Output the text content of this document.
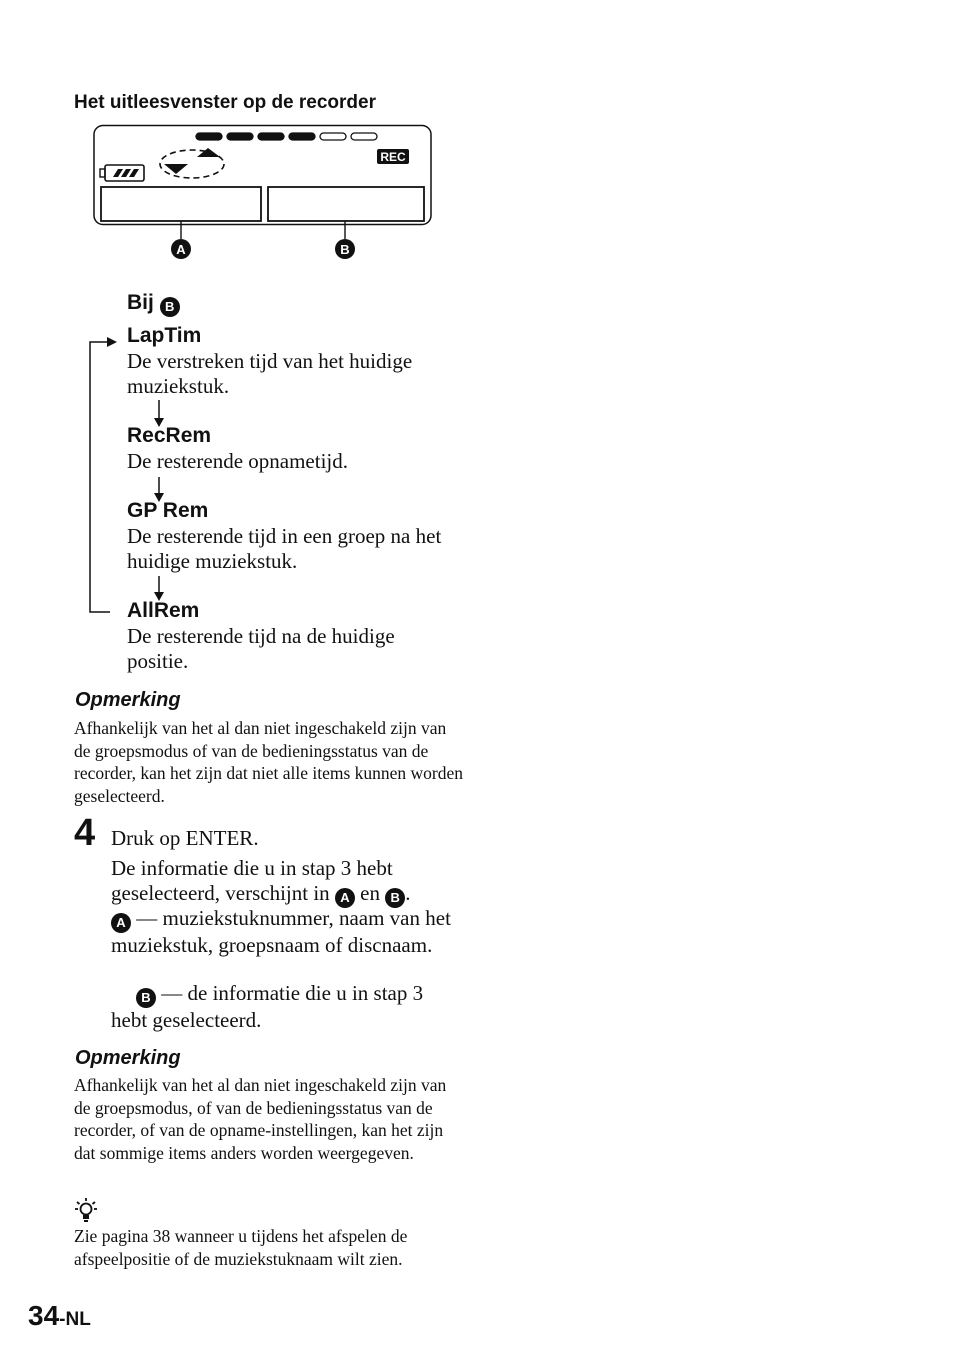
Het uitleesvenster op de recorder
REC
A	B
Bij B
LapTim
De verstreken tijd van het huidige muziekstuk.
RecRem
De resterende opnametijd.
GP Rem
De resterende tijd in een groep na het huidige muziekstuk.
AllRem
De resterende tijd na de huidige positie.
Opmerking
Afhankelijk van het al dan niet ingeschakeld zijn van de groepsmodus of van de bedieningsstatus van de recorder, kan het zijn dat niet alle items kunnen worden geselecteerd.
4 Druk op ENTER.
De informatie die u in stap 3 hebt geselecteerd, verschijnt in A en B .
A — muziekstuknummer, naam van het muziekstuk, groepsnaam of discnaam.
B — de informatie die u in stap 3 hebt geselecteerd.
Opmerking
Afhankelijk van het al dan niet ingeschakeld zijn van de groepsmodus, of van de bedieningsstatus van de recorder, of van de opname-instellingen, kan het zijn dat sommige items anders worden weergegeven.
Zie pagina 38 wanneer u tijdens het afspelen de afspeelpositie of de muziekstuknaam wilt zien.
34-NL
